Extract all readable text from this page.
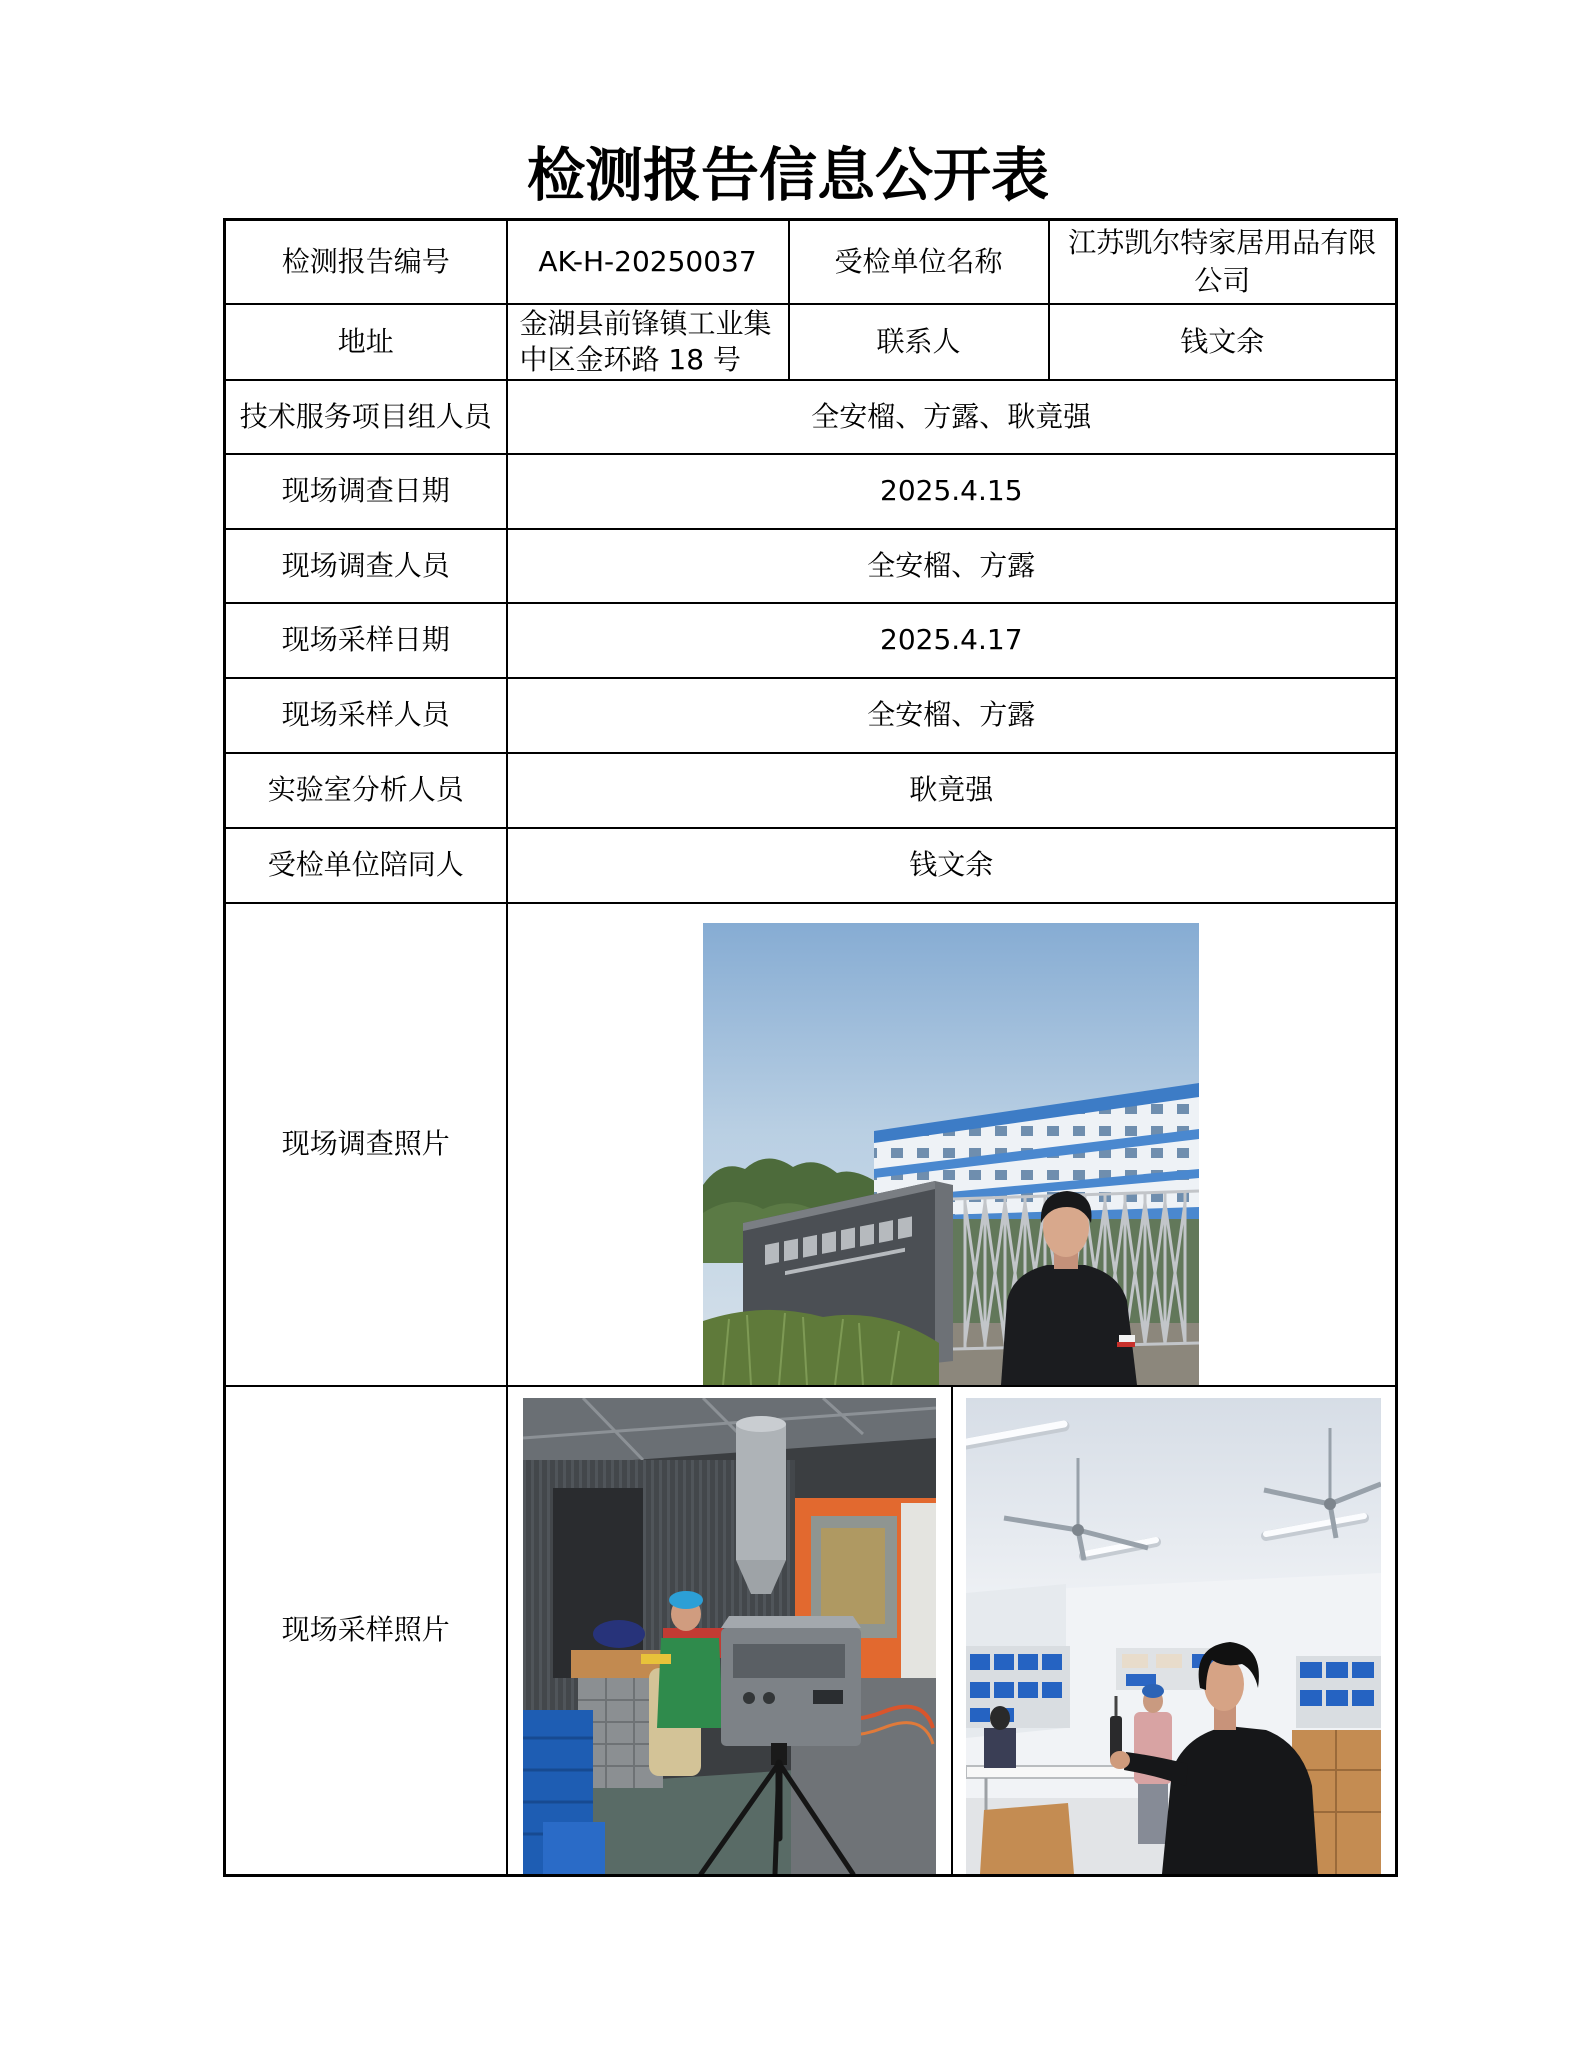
检测报告信息公开表
检测报告编号	AK-H-20250037	受检单位名称		江苏凯尔特家居用品有限公司
地址	金湖县前锋镇工业集中区金环路 18 号	联系人		钱文余
技术服务项目组人员	全安榴、方露、耿竟强			
现场调查日期	2025.4.15			
现场调查人员	全安榴、方露			
现场采样日期	2025.4.17			
现场采样人员	全安榴、方露			
实验室分析人员	耿竟强			
受检单位陪同人	钱文余			
现场调查照片	

现场采样照片	
